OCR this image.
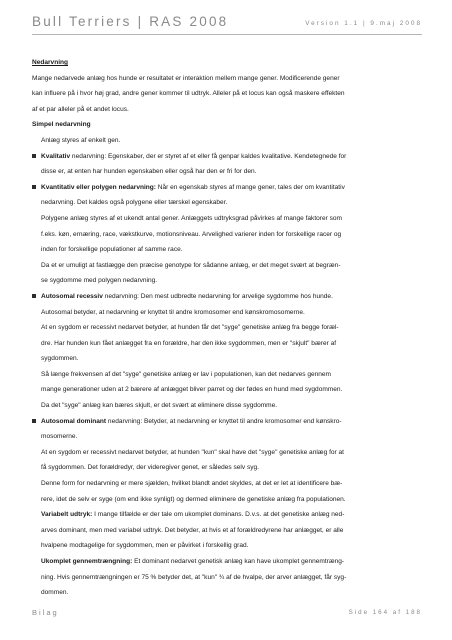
Bull Terriers | RAS 2008	Version 1.1 | 9.maj 2008
Nedarvning
Mange nedarvede anlæg hos hunde er resultatet er interaktion mellem mange gener. Modificerende gener
kan influere på i hvor høj grad, andre gener kommer til udtryk. Alleler på et locus kan også maskere effekten
af et par alleler på et andet locus.
Simpel nedarvning
Anlæg styres af enkelt gen.
Kvalitativ nedarvning: Egenskaber, der er styret af et eller få genpar kaldes kvalitative. Kendetegnede for
disse er, at enten har hunden egenskaben eller også har den er fri for den.
Kvantitativ eller polygen nedarvning: Når en egenskab styres af mange gener, tales der om kvantitativ
nedarvning. Det kaldes også polygene eller tærskel egenskaber.
Polygene anlæg styres af et ukendt antal gener. Anlæggets udtryksgrad påvirkes af mange faktorer som
f.eks. køn, ernæring, race, vækstkurve, motionsniveau. Arvelighed varierer inden for forskellige racer og
inden for forskellige populationer af samme race.
Da et er umuligt at fastlægge den præcise genotype for sådanne anlæg, er det meget svært at begræn-
se sygdomme med polygen nedarvning.
Autosomal recessiv nedarvning: Den mest udbredte nedarvning for arvelige sygdomme hos hunde.
Autosomal betyder, at nedarvning er knyttet til andre kromosomer end kønskromosomerne.
At en sygdom er recessivt nedarvet betyder, at hunden får det "syge" genetiske anlæg fra begge foræl-
dre. Har hunden kun fået anlægget fra en forældre, har den ikke sygdommen, men er "skjult" bærer af
sygdommen.
Så længe frekvensen af det "syge" genetiske anlæg er lav i populationen, kan det nedarves gennem
mange generationer uden at 2 bærere af anlægget bliver parret og der fødes en hund med sygdommen.
Da det "syge" anlæg kan bæres skjult, er det svært at eliminere disse sygdomme.
Autosomal dominant nedarvning: Betyder, at nedarvning er knyttet til andre kromosomer end kønskro-
mosomerne.
At en sygdom er recessivt nedarvet betyder, at hunden "kun" skal have det "syge" genetiske anlæg for at
få sygdommen. Det forældredyr, der videregiver genet, er således selv syg.
Denne form for nedarvning er mere sjælden, hvilket blandt andet skyldes, at det er let at identificere bæ-
rere, idet de selv er syge (om end ikke synligt) og dermed eliminere de genetiske anlæg fra populationen.
Variabelt udtryk: I mange tilfælde er der tale om ukomplet dominans. D.v.s. at det genetiske anlæg ned-
arves dominant, men med variabel udtryk. Det betyder, at hvis et af forældredyrene har anlægget, er alle
hvalpene modtagelige for sygdommen, men er påvirket i forskellig grad.
Ukomplet gennemtrængning: Et dominant nedarvet genetisk anlæg kan have ukomplet gennemtræng-
ning. Hvis gennemtrængningen er 75 % betyder det, at "kun" ¾ af de hvalpe, der arver anlægget, får syg-
dommen.
Bilag	Side 164 af 188
